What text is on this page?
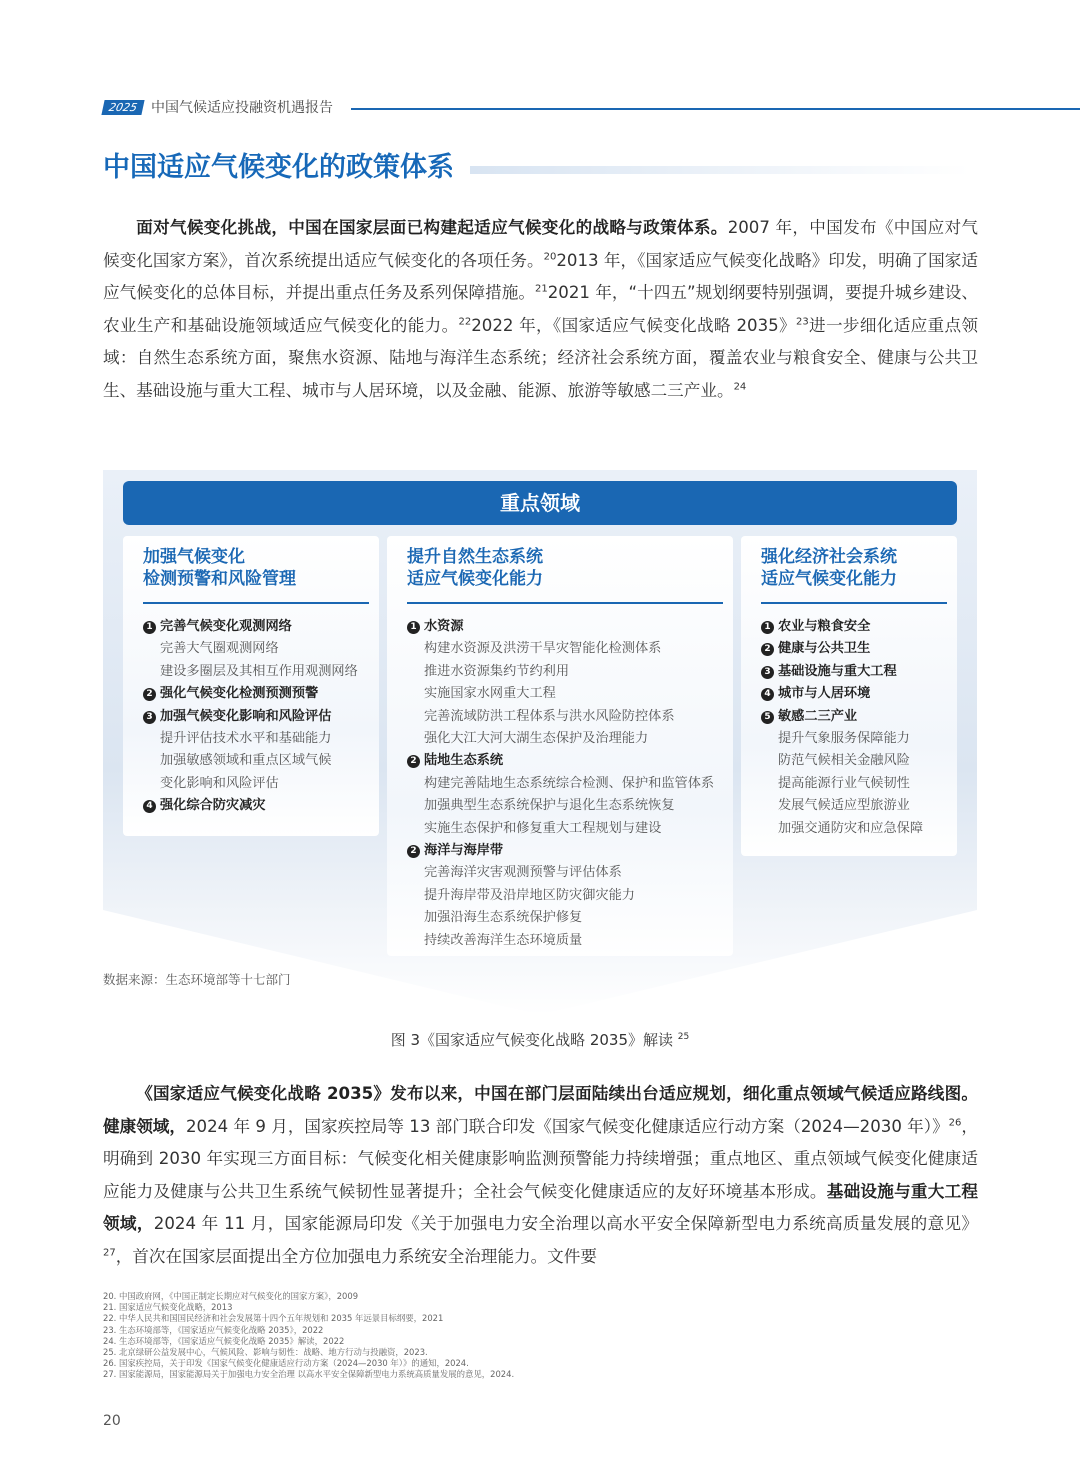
2025 中国气候适应投融资机遇报告
中国适应气候变化的政策体系

面对气候变化挑战，中国在国家层面已构建起适应气候变化的战略与政策体系。2007 年，中国发布《中国应对气候变化国家方案》，首次系统提出适应气候变化的各项任务。$^{20}$2013 年，《国家适应气候变化战略》印发，明确了国家适应气候变化的总体目标，并提出重点任务及系列保障措施。$^{21}$2021 年，“十四五”规划纲要特别强调，要提升城乡建设、农业生产和基础设施领域适应气候变化的能力。$^{22}$2022 年，《国家适应气候变化战略 2035》$^{23}$进一步细化适应重点领域：自然生态系统方面，聚焦水资源、陆地与海洋生态系统；经济社会系统方面，覆盖农业与粮食安全、健康与公共卫生、基础设施与重大工程、城市与人居环境，以及金融、能源、旅游等敏感二三产业。$^{24}$

重点领域
加强气候变化
检测预警和风险管理
1 完善气候变化观测网络
完善大气圈观测网络
建设多圈层及其相互作用观测网络
2 强化气候变化检测预测预警
3 加强气候变化影响和风险评估
提升评估技术水平和基础能力
加强敏感领域和重点区域气候
变化影响和风险评估
4 强化综合防灾减灾
提升自然生态系统
适应气候变化能力
1 水资源
构建水资源及洪涝干旱灾智能化检测体系
推进水资源集约节约利用
实施国家水网重大工程
完善流域防洪工程体系与洪水风险防控体系
强化大江大河大湖生态保护及治理能力
2 陆地生态系统
构建完善陆地生态系统综合检测、保护和监管体系
加强典型生态系统保护与退化生态系统恢复
实施生态保护和修复重大工程规划与建设
2 海洋与海岸带
完善海洋灾害观测预警与评估体系
提升海岸带及沿岸地区防灾御灾能力
加强沿海生态系统保护修复
持续改善海洋生态环境质量
强化经济社会系统
适应气候变化能力
1 农业与粮食安全
2 健康与公共卫生
3 基础设施与重大工程
4 城市与人居环境
5 敏感二三产业
提升气象服务保障能力
防范气候相关金融风险
提高能源行业气候韧性
发展气候适应型旅游业
加强交通防灾和应急保障
数据来源：生态环境部等十七部门
图 3《国家适应气候变化战略 2035》解读 $^{25}$

《国家适应气候变化战略 2035》发布以来，中国在部门层面陆续出台适应规划，细化重点领域气候适应路线图。健康领域，2024 年 9 月，国家疾控局等 13 部门联合印发《国家气候变化健康适应行动方案（2024—2030 年）》$^{26}$，明确到 2030 年实现三方面目标：气候变化相关健康影响监测预警能力持续增强；重点地区、重点领域气候变化健康适应能力及健康与公共卫生系统气候韧性显著提升；全社会气候变化健康适应的友好环境基本形成。基础设施与重大工程领域，2024 年 11 月，国家能源局印发《关于加强电力安全治理以高水平安全保障新型电力系统高质量发展的意见》$^{27}$，首次在国家层面提出全方位加强电力系统安全治理能力。文件要

20. 中国政府网，《中国正制定长期应对气候变化的国家方案》，2009
21. 国家适应气候变化战略，2013
22. 中华人民共和国国民经济和社会发展第十四个五年规划和 2035 年远景目标纲要，2021
23. 生态环境部等，《国家适应气候变化战略 2035》，2022
24. 生态环境部等，《国家适应气候变化战略 2035》解读，2022
25. 北京绿研公益发展中心，气候风险、影响与韧性：战略、地方行动与投融资，2023.
26. 国家疾控局，关于印发《国家气候变化健康适应行动方案（2024—2030 年）》的通知，2024.
27. 国家能源局，国家能源局关于加强电力安全治理 以高水平安全保障新型电力系统高质量发展的意见，2024.
20
